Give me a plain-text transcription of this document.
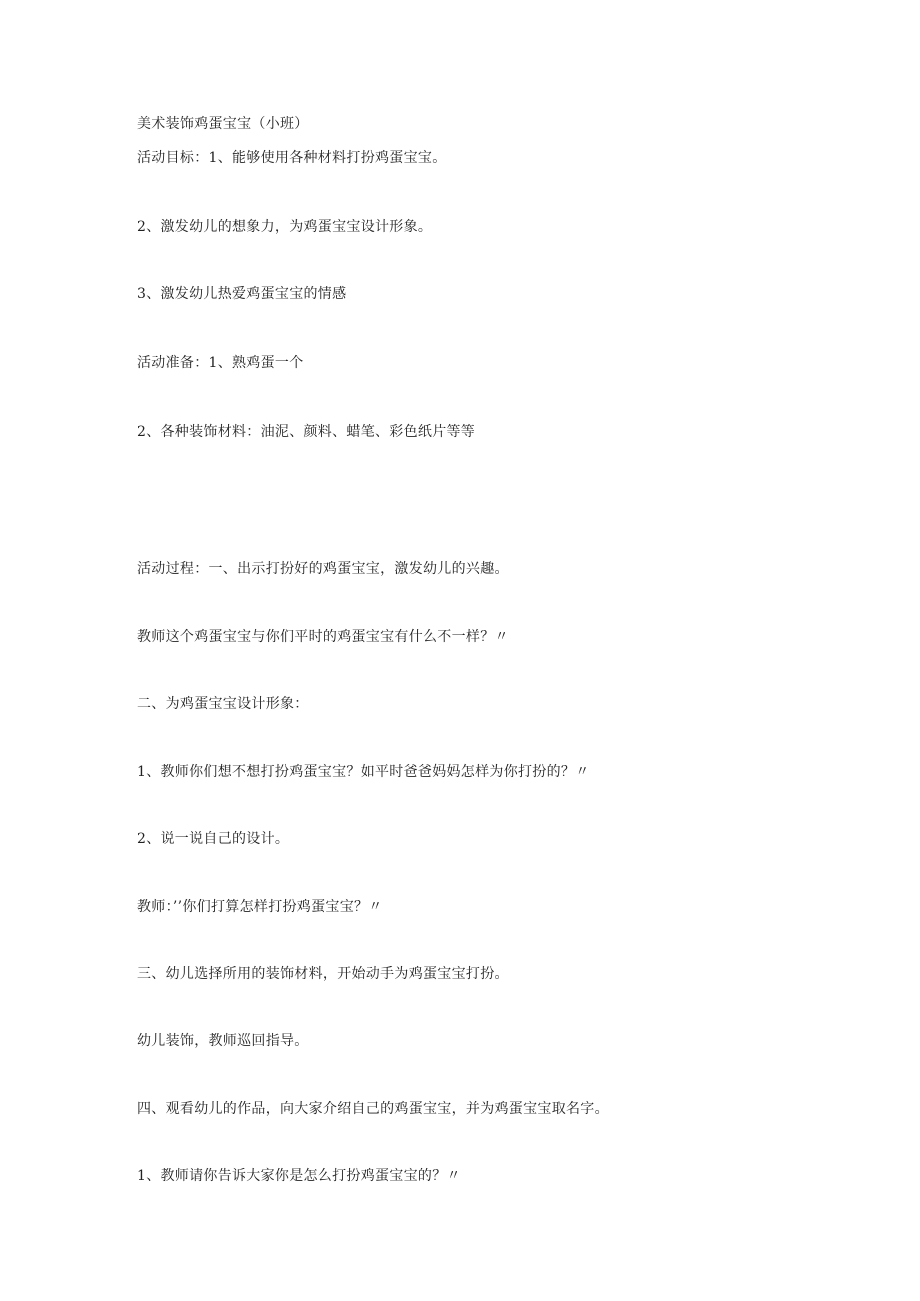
美术装饰鸡蛋宝宝（小班）
活动目标：1、能够使用各种材料打扮鸡蛋宝宝。
2、激发幼儿的想象力，为鸡蛋宝宝设计形象。
3、激发幼儿热爱鸡蛋宝宝的情感
活动准备：1、熟鸡蛋一个
2、各种装饰材料：油泥、颜料、蜡笔、彩色纸片等等
活动过程：一、出示打扮好的鸡蛋宝宝，激发幼儿的兴趣。
教师这个鸡蛋宝宝与你们平时的鸡蛋宝宝有什么不一样？〃
二、为鸡蛋宝宝设计形象：
1、教师你们想不想打扮鸡蛋宝宝？如平时爸爸妈妈怎样为你打扮的？〃
2、说一说自己的设计。
教师：’’你们打算怎样打扮鸡蛋宝宝？〃
三、幼儿选择所用的装饰材料，开始动手为鸡蛋宝宝打扮。
幼儿装饰，教师巡回指导。
四、观看幼儿的作品，向大家介绍自己的鸡蛋宝宝，并为鸡蛋宝宝取名字。
1、教师请你告诉大家你是怎么打扮鸡蛋宝宝的？〃
